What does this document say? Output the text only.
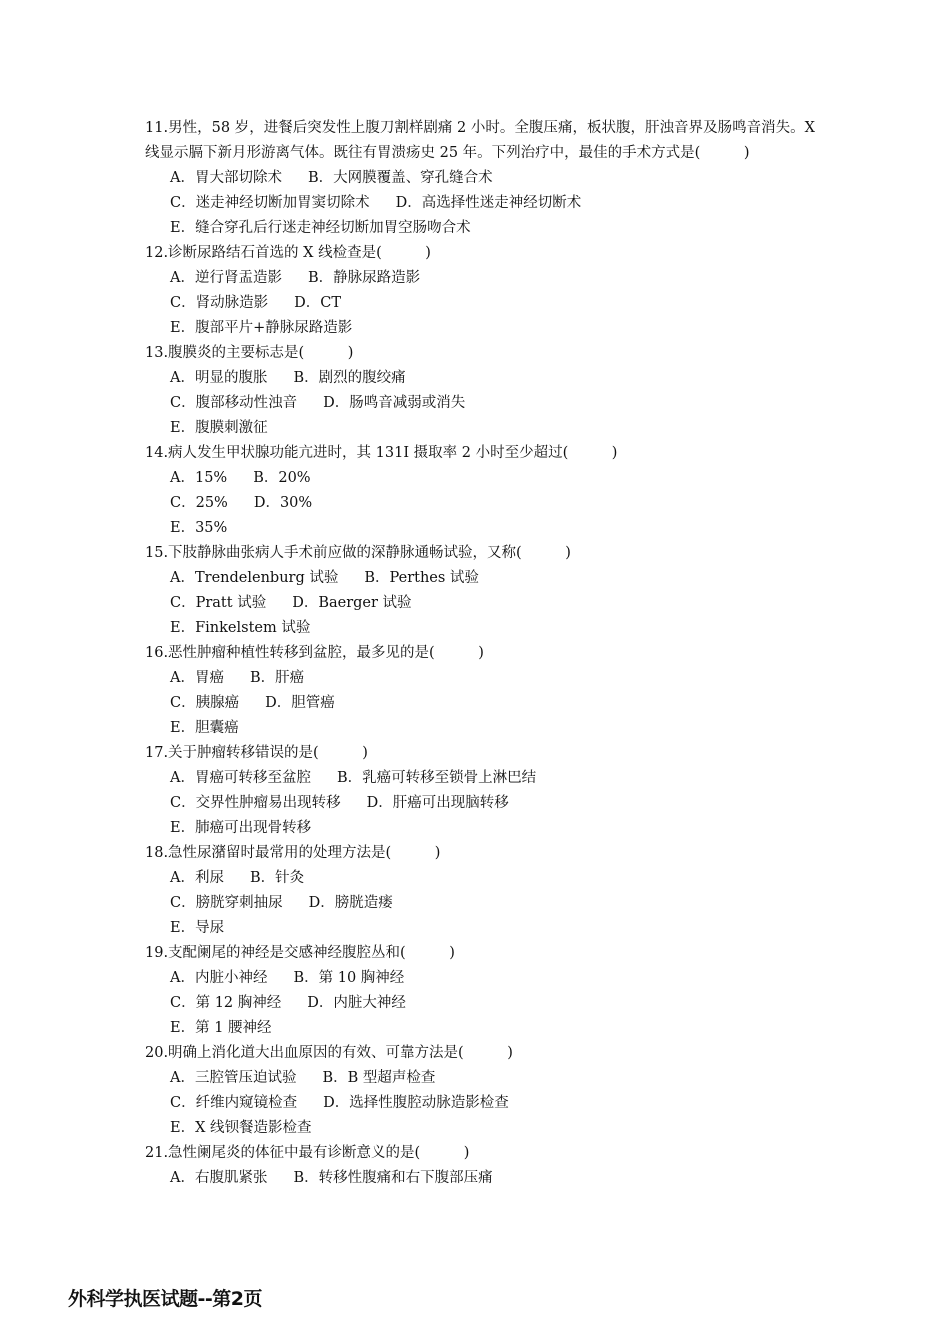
11.男性，58 岁，进餐后突发性上腹刀割样剧痛 2 小时。全腹压痛，板状腹，肝浊音界及肠鸣音消失。X 线显示膈下新月形游离气体。既往有胃溃疡史 25 年。下列治疗中，最佳的手术方式是(　　　)
A．胃大部切除术 B．大网膜覆盖、穿孔缝合术
C．迷走神经切断加胃窦切除术 D．高选择性迷走神经切断术
E．缝合穿孔后行迷走神经切断加胃空肠吻合术
12.诊断尿路结石首选的 X 线检查是(　　　)
A．逆行肾盂造影 B．静脉尿路造影
C．肾动脉造影 D．CT
E．腹部平片+静脉尿路造影
13.腹膜炎的主要标志是(　　　)
A．明显的腹胀 B．剧烈的腹绞痛
C．腹部移动性浊音 D．肠鸣音减弱或消失
E．腹膜刺激征
14.病人发生甲状腺功能亢进时，其 131I 摄取率 2 小时至少超过(　　　)
A．15% B．20%
C．25% D．30%
E．35%
15.下肢静脉曲张病人手术前应做的深静脉通畅试验，又称(　　　)
A．Trendelenburg 试验 B．Perthes 试验
C．Pratt 试验 D．Baerger 试验
E．Finkelstem 试验
16.恶性肿瘤种植性转移到盆腔，最多见的是(　　　)
A．胃癌 B．肝癌
C．胰腺癌 D．胆管癌
E．胆囊癌
17.关于肿瘤转移错误的是(　　　)
A．胃癌可转移至盆腔 B．乳癌可转移至锁骨上淋巴结
C．交界性肿瘤易出现转移 D．肝癌可出现脑转移
E．肺癌可出现骨转移
18.急性尿潴留时最常用的处理方法是(　　　)
A．利尿 B．针灸
C．膀胱穿刺抽尿 D．膀胱造瘘
E．导尿
19.支配阑尾的神经是交感神经腹腔丛和(　　　)
A．内脏小神经 B．第 10 胸神经
C．第 12 胸神经 D．内脏大神经
E．第 1 腰神经
20.明确上消化道大出血原因的有效、可靠方法是(　　　)
A．三腔管压迫试验 B．B 型超声检查
C．纤维内窥镜检查 D．选择性腹腔动脉造影检查
E．X 线钡餐造影检查
21.急性阑尾炎的体征中最有诊断意义的是(　　　)
A．右腹肌紧张 B．转移性腹痛和右下腹部压痛
外科学执医试题--第2页
